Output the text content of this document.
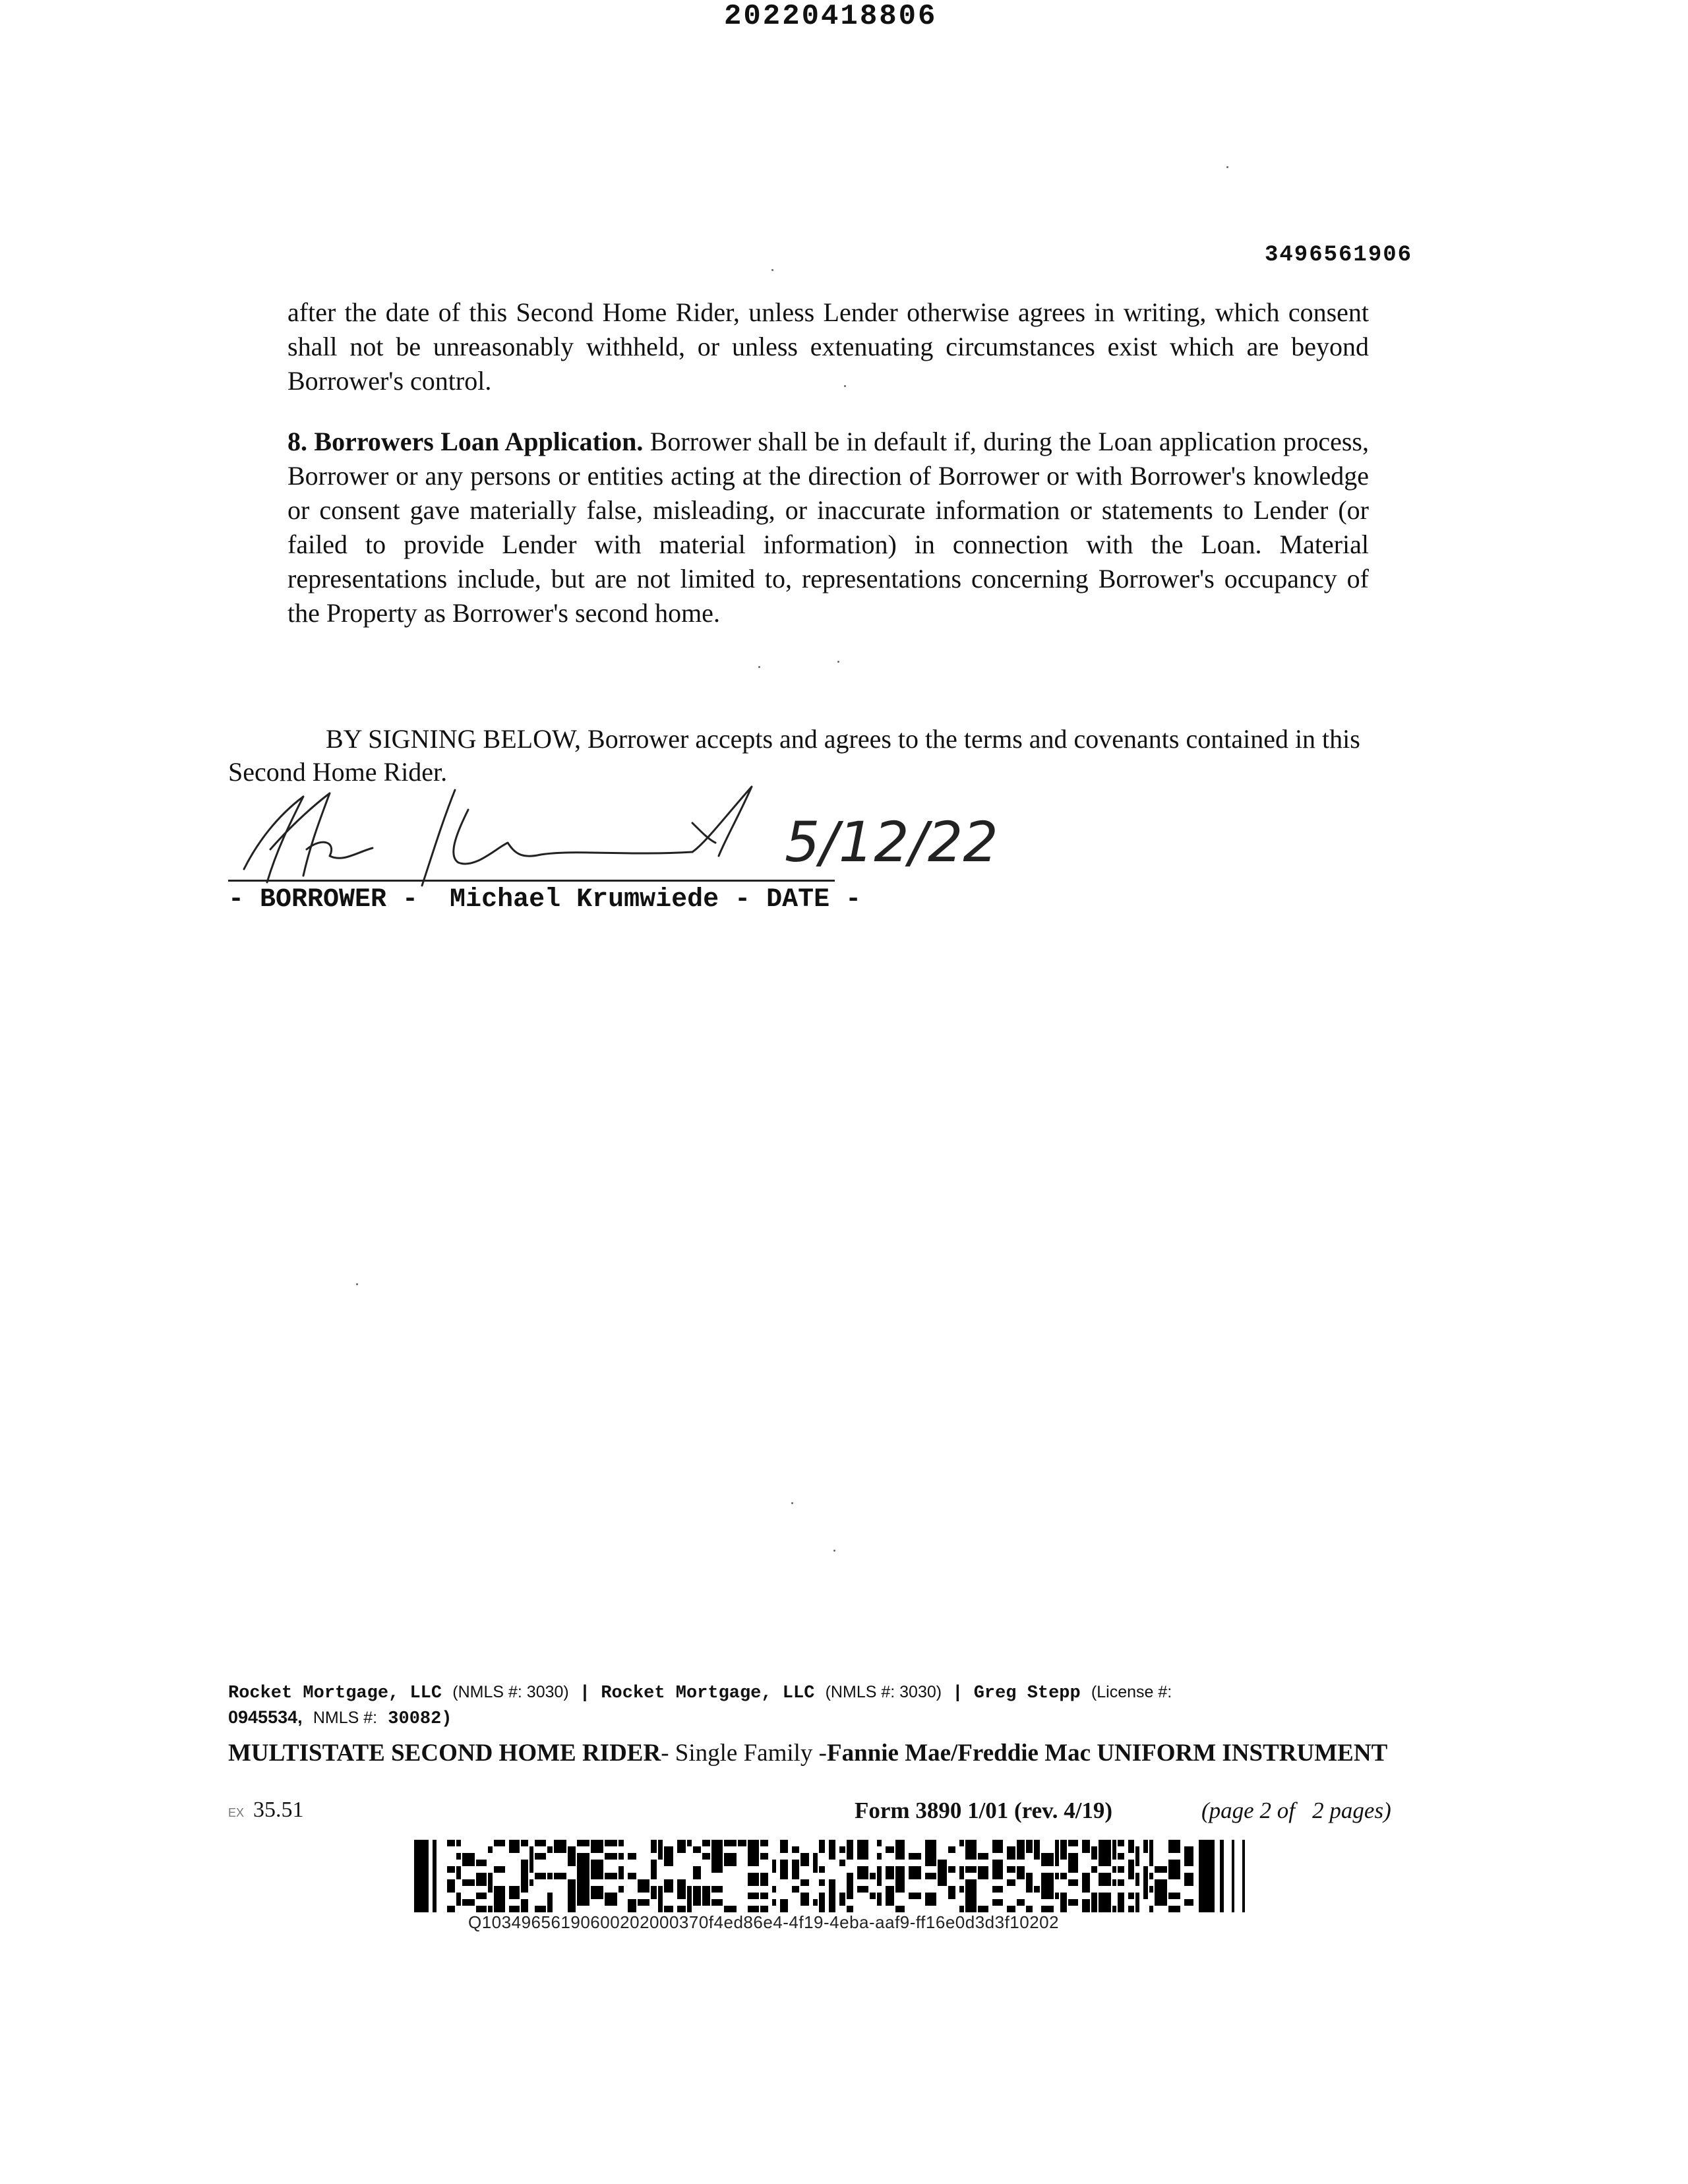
20220418806
3496561906

after the date of this Second Home Rider, unless Lender otherwise agrees in writing, which consent shall not be unreasonably withheld, or unless extenuating circumstances exist which are beyond Borrower's control.

8. Borrowers Loan Application. Borrower shall be in default if, during the Loan application process, Borrower or any persons or entities acting at the direction of Borrower or with Borrower's knowledge or consent gave materially false, misleading, or inaccurate information or statements to Lender (or failed to provide Lender with material information) in connection with the Loan. Material representations include, but are not limited to, representations concerning Borrower's occupancy of the Property as Borrower's second home.

BY SIGNING BELOW, Borrower accepts and agrees to the terms and covenants contained in this Second Home Rider.
5/12/22
- BORROWER -  Michael Krumwiede - DATE -
Rocket Mortgage, LLC (NMLS #: 3030) | Rocket Mortgage, LLC (NMLS #: 3030) | Greg Stepp (License #:
0945534, NMLS #: 30082)
MULTISTATE SECOND HOME RIDER- Single Family -Fannie Mae/Freddie Mac UNIFORM INSTRUMENT
EX 35.51	Form 3890 1/01 (rev. 4/19)	(page 2 of   2 pages)
Q10349656190600202000370f4ed86e4-4f19-4eba-aaf9-ff16e0d3d3f10202
